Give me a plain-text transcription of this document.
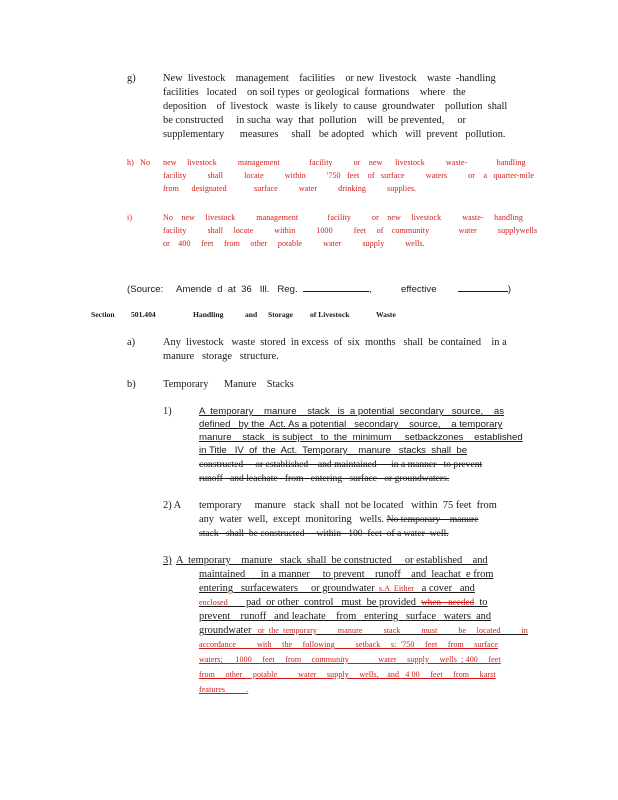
g)	New  livestock    management    facilities    or new  livestock    waste  -handling
facilities   located    on soil types  or geological  formations    where   the
deposition    of  livestock   waste  is likely  to cause  groundwater    pollution  shall
be constructed     in sucha  way  that  pollution    will  be prevented,     or
supplementary      measures     shall   be adopted   which   will  prevent   pollution.
h)   No new     livestock          management              facility          or    new      livestock          waste-              handling
facility          shall          locate          within          '750   feet    of   surface          waters          or    a   quarter-mile
from      designated             surface          water          drinking          supplies.
i)	No    new     livestock          management              facility          or    new     livestock          waste-     handling
facility          shall     locate          within          1000          feet     of    community              water          supplywells
or    400     feet     from     other     potable          water          supply          wells.
(Source:     Amende  d  at  36   Ill.   Reg.	,	effective	)
Section 501.404	Handling	and Storage of Livestock	Waste
a)	Any  livestock   waste  stored  in excess  of  six  months   shall  be contained    in a
manure   storage   structure.
b)	Temporary      Manure    Stacks
1)	A  temporary    manure    stack   is  a potential  secondary   source,    as
defined   by the  Act. As a potential   secondary    source,    a temporary
manure    stack   is subject   to  the  minimum     setbackzones    established
in Title   IV  of  the  Act.  Temporary    manure   stacks  shall  be
constructed     or established    and maintained      in a manner   to prevent
runoff   and leachate   from   entering   surface   or groundwaters.
2) A temporary     manure   stack  shall  not be located   within  75 feet  from
any  water  well,  except  monitoring   wells. No temporary    manure
stack   shall  be constructed     within   100  feet  of a water  well.
3) A  temporary    manure   stack  shall  be constructed     or established    and
maintained      in a manner     to prevent    runoff    and  leachat  e from
entering   surfacewaters     or groundwater  s.A  Either   a cover   and
enclosed       pad  or other  control   must  be provided when   needed  to
prevent    runoff   and leachate    from   entering   surface   waters  and
groundwater   or  the  temporary          manure          stack          must          be     located          in
accordance          with     the     following          setback     s:  '750     feet     from     surface
waters;      1000     feet     from     community              water     supply     wells  ; 400     feet
from     other     potable          water     supply     wells,    and   4 00     feet     from     karst
features	.
